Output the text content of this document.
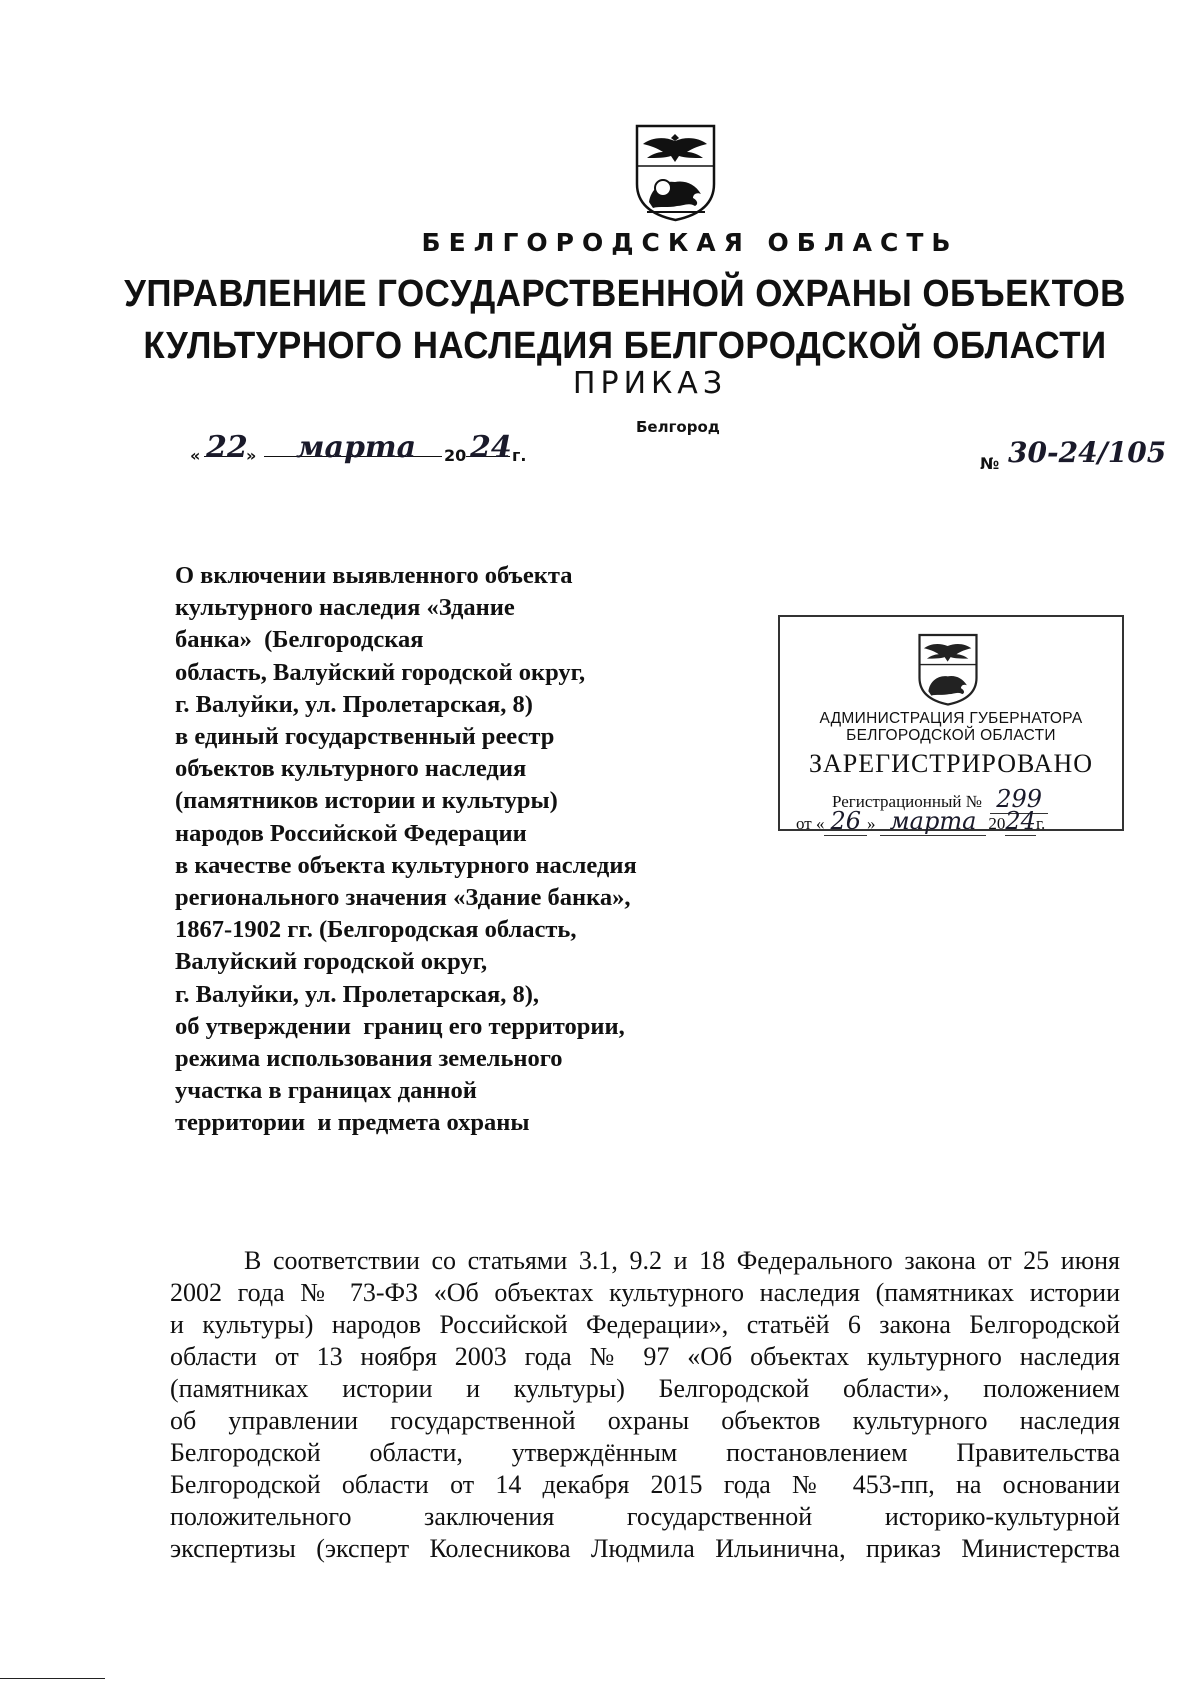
БЕЛГОРОДСКАЯ ОБЛАСТЬ
УПРАВЛЕНИЕ ГОСУДАРСТВЕННОЙ ОХРАНЫ ОБЪЕКТОВ
КУЛЬТУРНОГО НАСЛЕДИЯ БЕЛГОРОДСКОЙ ОБЛАСТИ
ПРИКАЗ
Белгород
« 22
» марта 20 24 г.	№ 30-24/105
О включении выявленного объекта
культурного наследия «Здание
банка»  (Белгородская
область, Валуйский городской округ,
г. Валуйки, ул. Пролетарская, 8)
в единый государственный реестр
объектов культурного наследия
(памятников истории и культуры)
народов Российской Федерации
в качестве объекта культурного наследия
регионального значения «Здание банка»,
1867-1902 гг. (Белгородская область,
Валуйский городской округ,
г. Валуйки, ул. Пролетарская, 8),
об утверждении  границ его территории,
режима использования земельного
участка в границах данной
территории  и предмета охраны
АДМИНИСТРАЦИЯ ГУБЕРНАТОРА
БЕЛГОРОДСКОЙ ОБЛАСТИ
ЗАРЕГИСТРИРОВАНО
Регистрационный № 299
от « 26 » марта 2024г.
В соответствии со статьями 3.1, 9.2 и 18 Федерального закона от 25 июня
2002 года № 73-ФЗ «Об объектах культурного наследия (памятниках истории
и культуры) народов Российской Федерации», статьёй 6 закона Белгородской
области от 13 ноября 2003 года № 97 «Об объектах культурного наследия
(памятниках истории и культуры) Белгородской области», положением
об управлении государственной охраны объектов культурного наследия
Белгородской области, утверждённым постановлением Правительства
Белгородской области от 14 декабря 2015 года № 453-пп, на основании
положительного заключения государственной историко-культурной
экспертизы (эксперт Колесникова Людмила Ильинична, приказ Министерства
